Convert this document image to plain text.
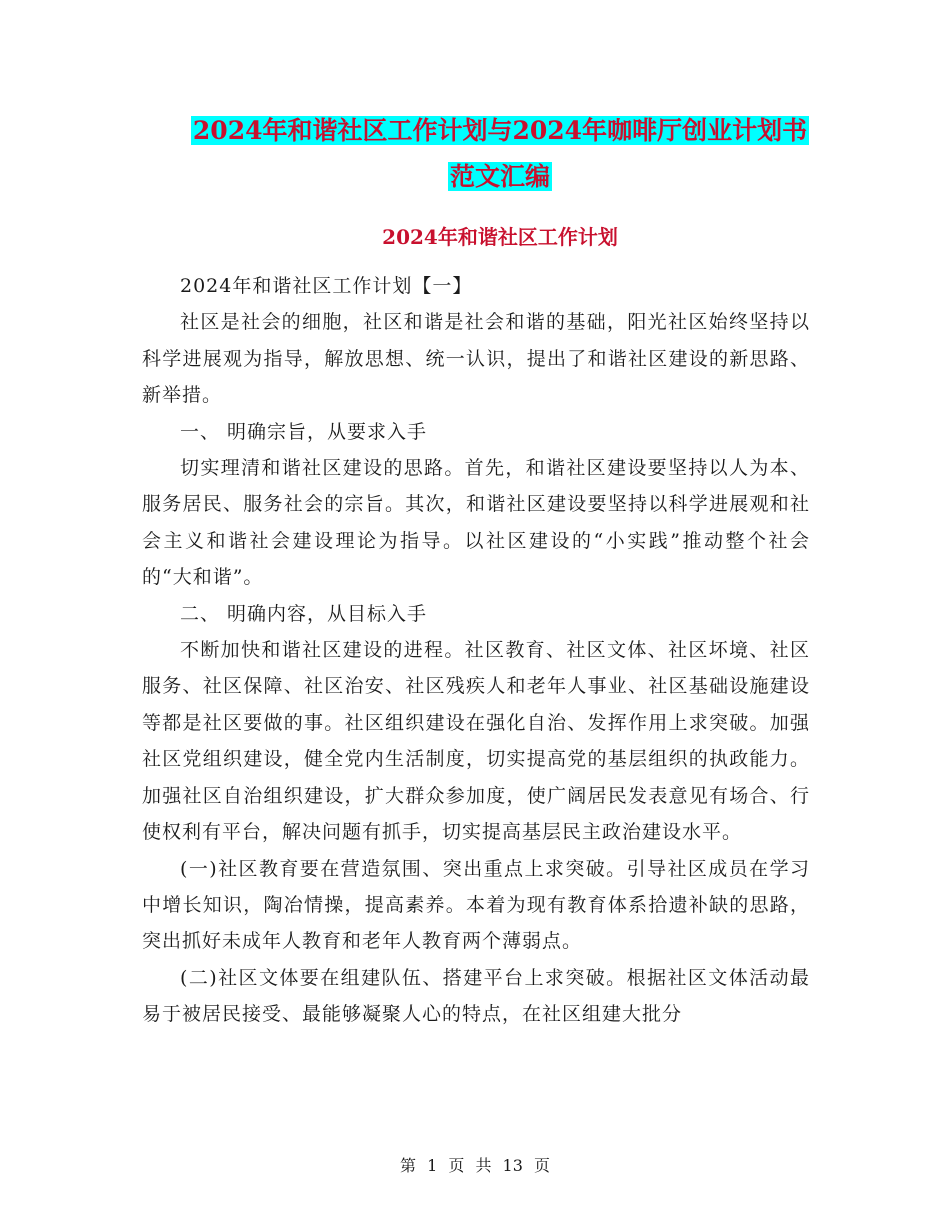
2024年和谐社区工作计划与2024年咖啡厅创业计划书
范文汇编
2024年和谐社区工作计划

2024年和谐社区工作计划【一】

社区是社会的细胞，社区和谐是社会和谐的基础，阳光社区始终坚持以科学进展观为指导，解放思想、统一认识，提出了和谐社区建设的新思路、新举措。

一、 明确宗旨，从要求入手

切实理清和谐社区建设的思路。首先，和谐社区建设要坚持以人为本、服务居民、服务社会的宗旨。其次，和谐社区建设要坚持以科学进展观和社会主义和谐社会建设理论为指导。以社区建设的“小实践”推动整个社会的“大和谐”。

二、 明确内容，从目标入手

不断加快和谐社区建设的进程。社区教育、社区文体、社区坏境、社区服务、社区保障、社区治安、社区残疾人和老年人事业、社区基础设施建设等都是社区要做的事。社区组织建设在强化自治、发挥作用上求突破。加强社区党组织建设，健全党内生活制度，切实提高党的基层组织的执政能力。加强社区自治组织建设，扩大群众参加度，使广阔居民发表意见有场合、行使权利有平台，解决问题有抓手，切实提高基层民主政治建设水平。

(一)社区教育要在营造氛围、突出重点上求突破。引导社区成员在学习中增长知识，陶冶情操，提高素养。本着为现有教育体系拾遗补缺的思路，突出抓好未成年人教育和老年人教育两个薄弱点。

(二)社区文体要在组建队伍、搭建平台上求突破。根据社区文体活动最易于被居民接受、最能够凝聚人心的特点，在社区组建大批分

第 1 页 共 13 页
